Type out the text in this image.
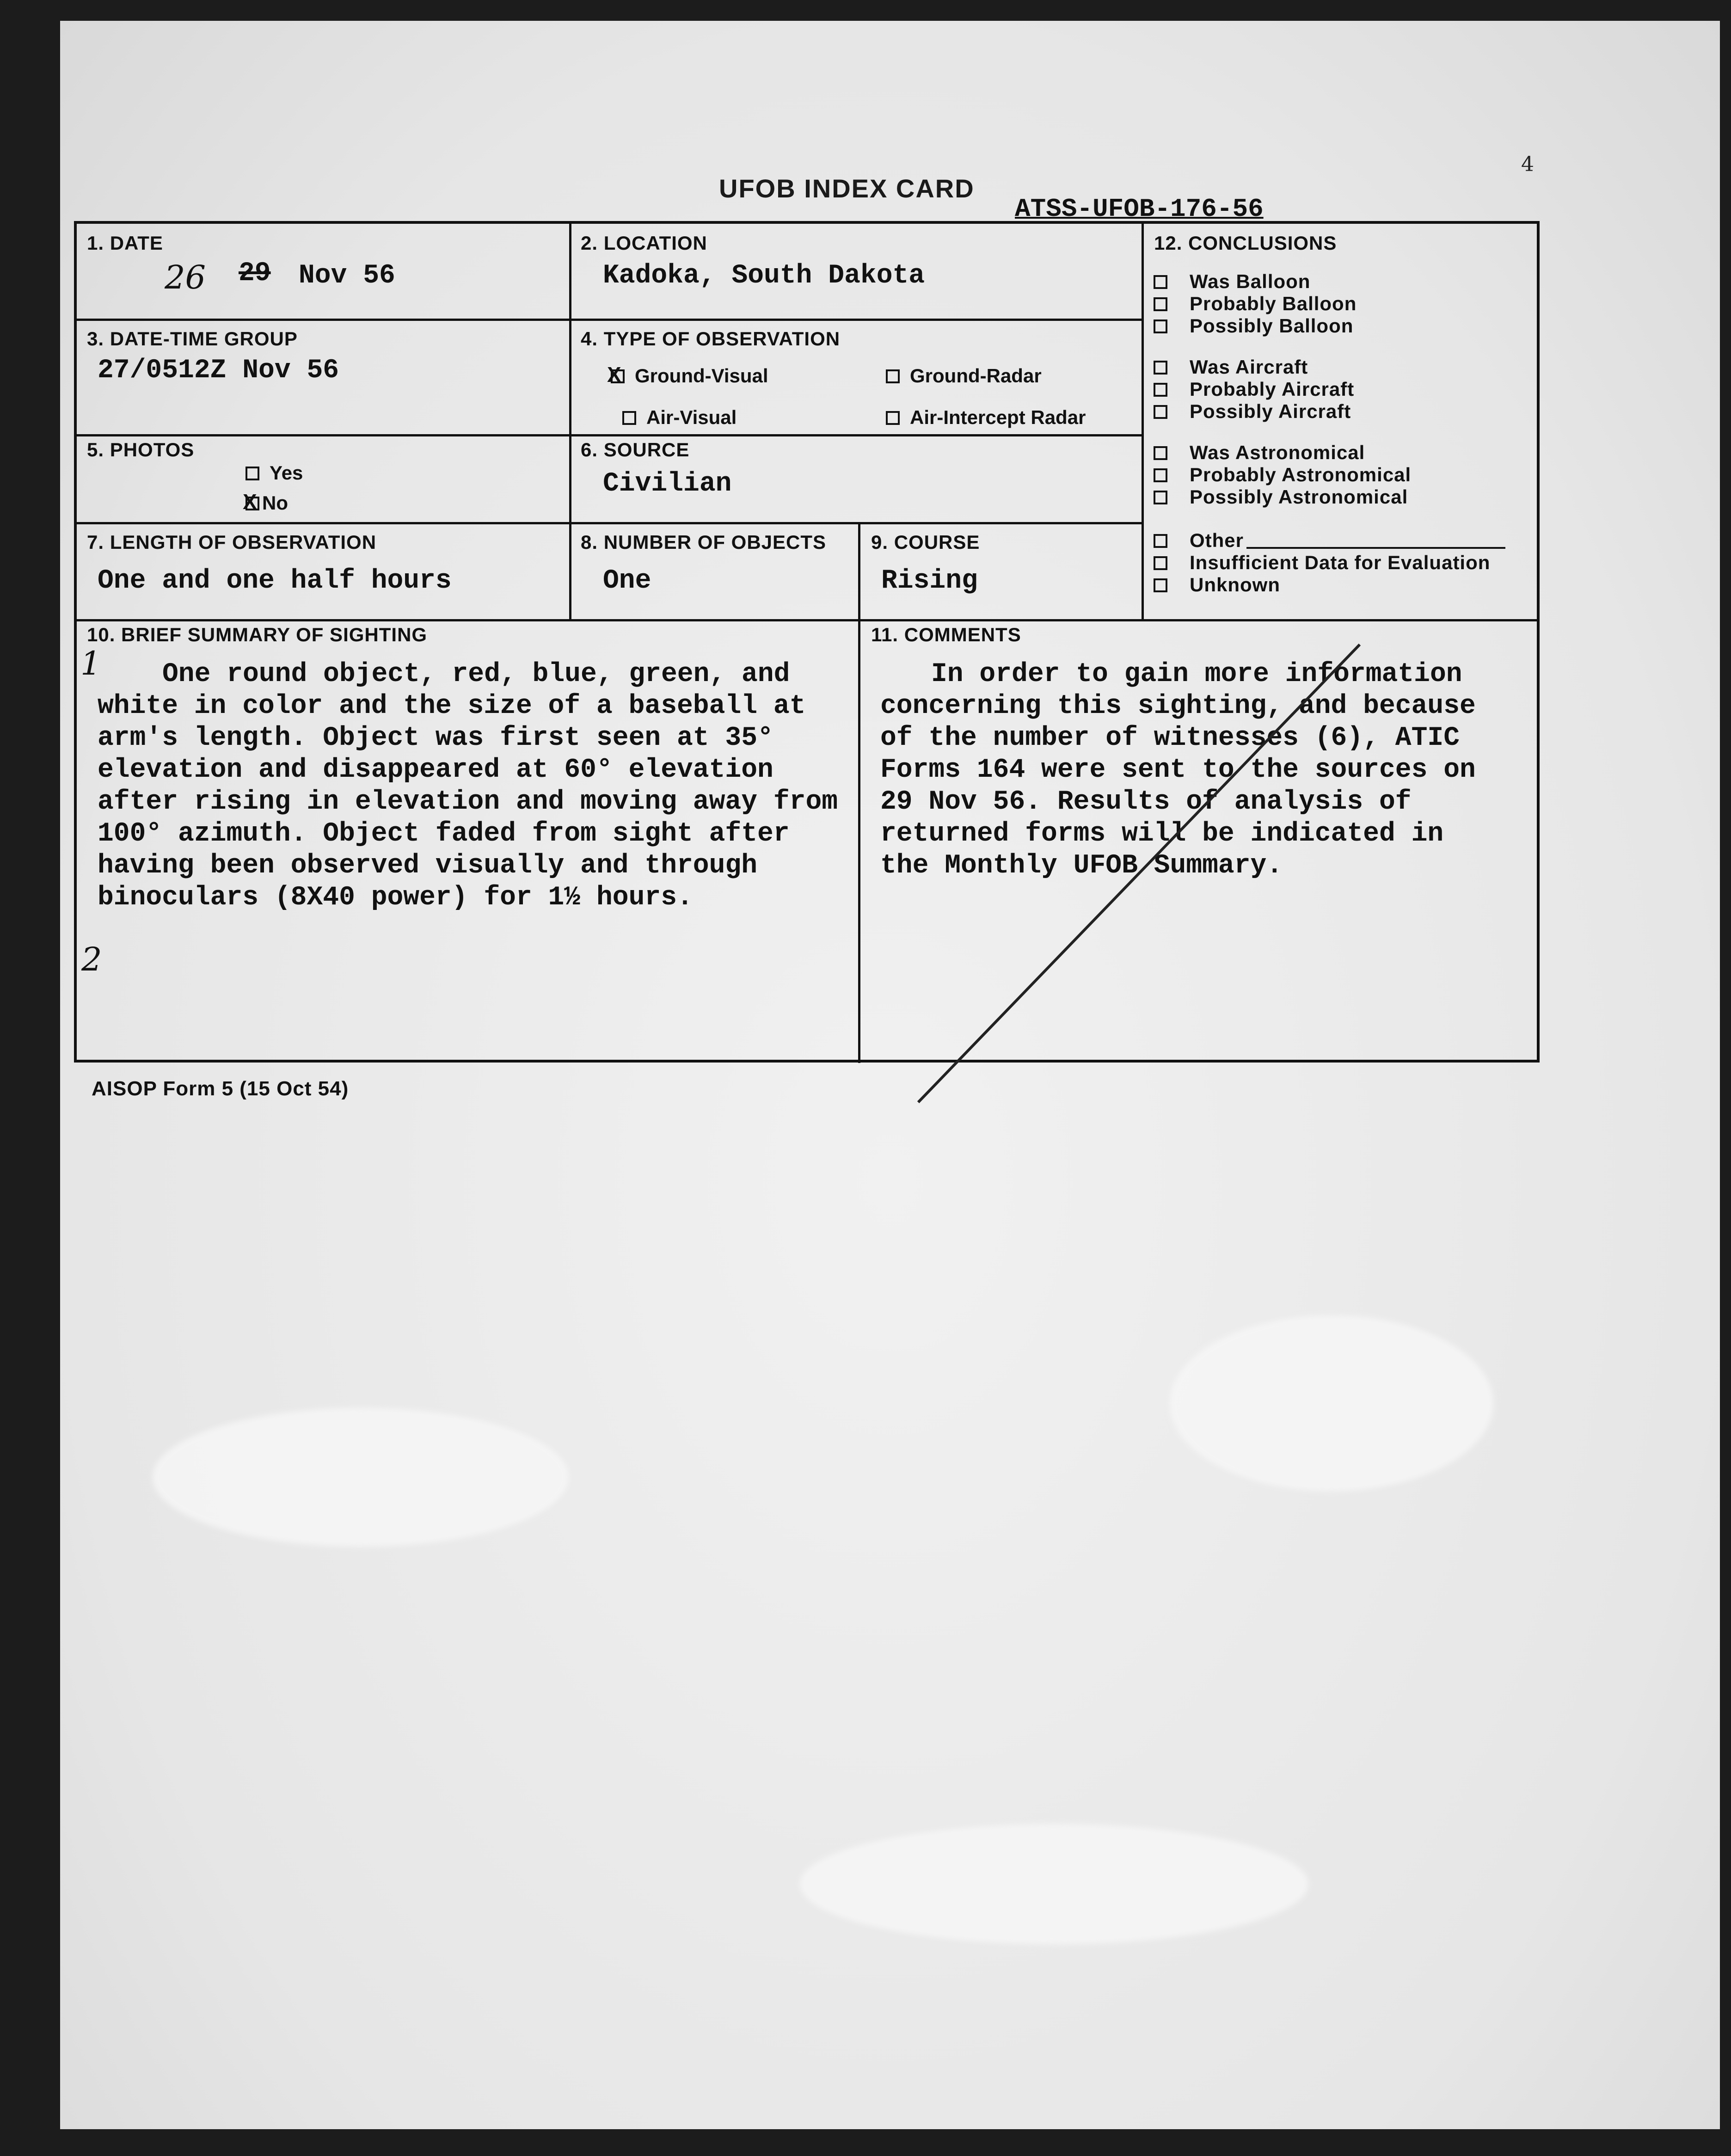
4
UFOB INDEX CARD
ATSS-UFOB-176-56
1. DATE
26 29 Nov 56
2. LOCATION
Kadoka, South Dakota
3. DATE-TIME GROUP
27/0512Z Nov 56
4. TYPE OF OBSERVATION
X Ground-Visual	Ground-Radar
Air-Visual	Air-Intercept Radar
5. PHOTOS
Yes
X No
6. SOURCE
Civilian
7. LENGTH OF OBSERVATION
One and one half hours
8. NUMBER OF OBJECTS
One
9. COURSE
Rising
12. CONCLUSIONS
10. BRIEF SUMMARY OF SIGHTING
1
2
One round object, red, blue, green, and
white in color and the size of a baseball at
arm's length. Object was first seen at 35°
elevation and disappeared at 60° elevation
after rising in elevation and moving away from
100° azimuth. Object faded from sight after
having been observed visually and through
binoculars (8X40 power) for 1½ hours.
11. COMMENTS
In order to gain more information
concerning this sighting, and because
of the number of witnesses (6), ATIC
Forms 164 were sent to the sources on
29 Nov 56. Results of analysis of
returned forms will be indicated in
the Monthly UFOB Summary.
Was Balloon
Probably Balloon
Possibly Balloon
Was Aircraft
Probably Aircraft
Possibly Aircraft
Was Astronomical
Probably Astronomical
Possibly Astronomical
Other
Insufficient Data for Evaluation
Unknown
AISOP Form 5 (15 Oct 54)
